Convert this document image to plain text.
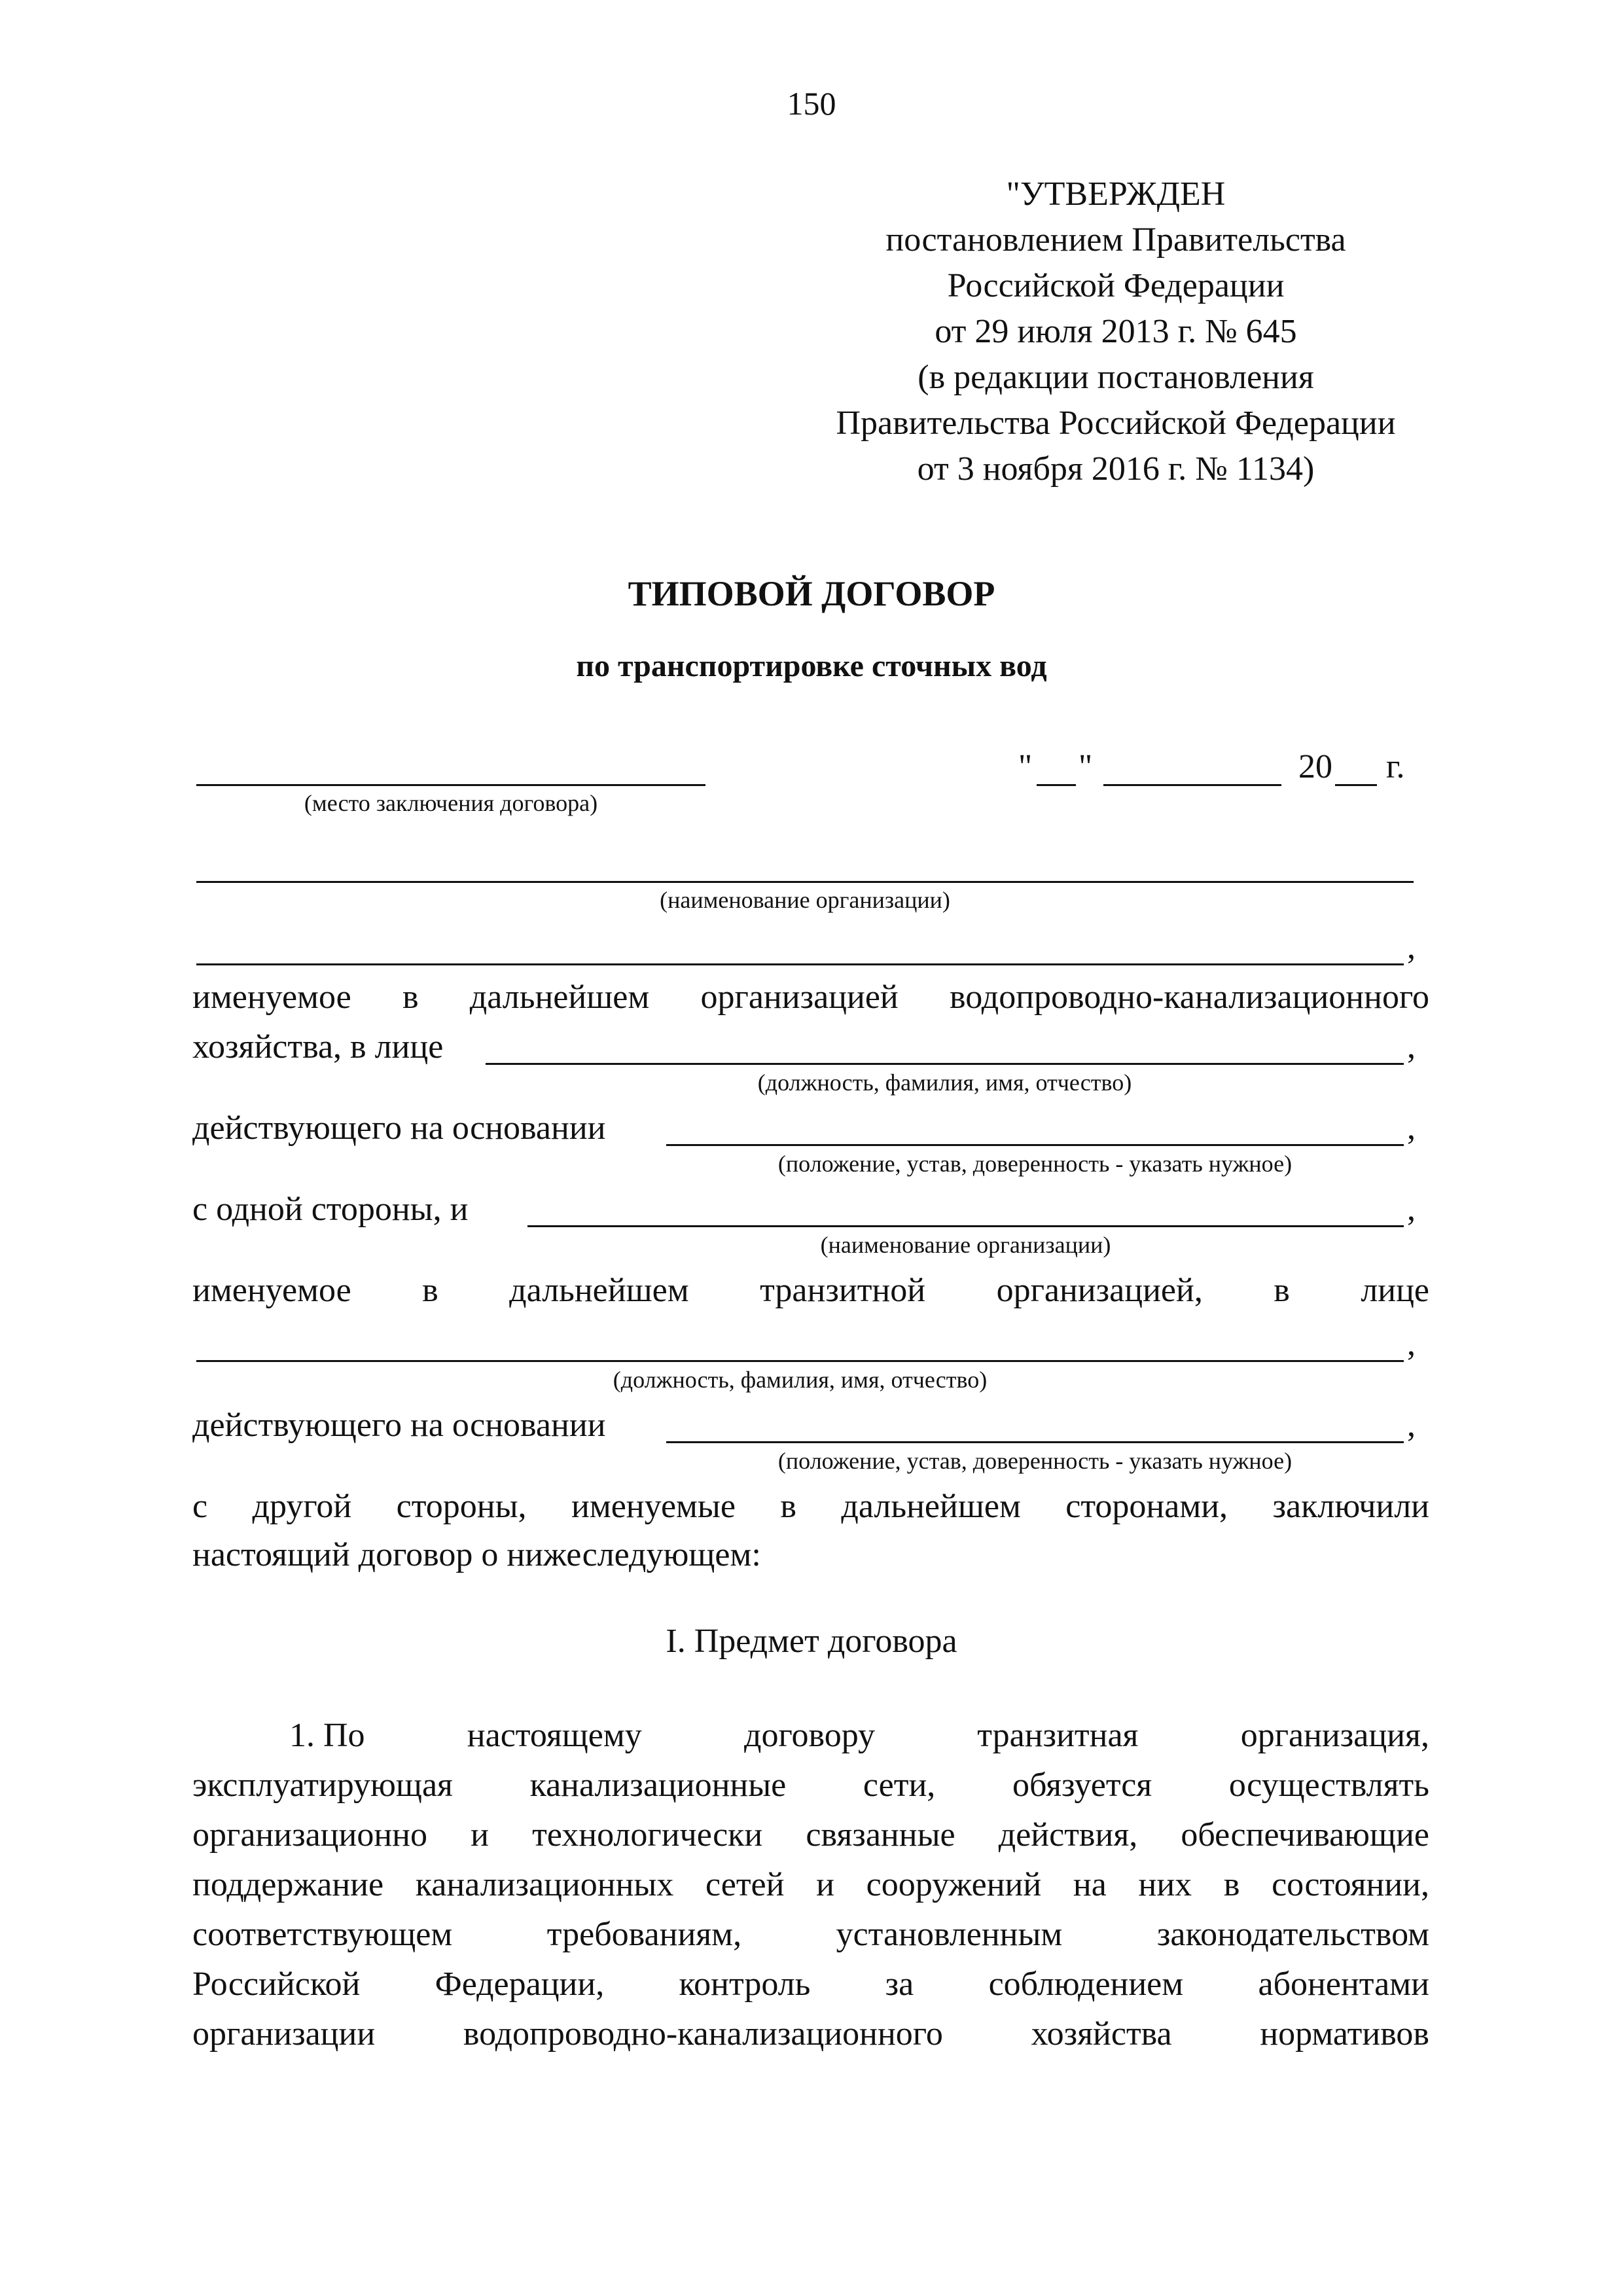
150
"УТВЕРЖДЕН
постановлением Правительства
Российской Федерации
от 29 июля 2013 г. № 645
(в редакции постановления
Правительства Российской Федерации
от 3 ноября 2016 г. № 1134)
ТИПОВОЙ ДОГОВОР
по транспортировке сточных вод
(место заключения договора)
" "	20 г.
(наименование организации)
,
именуемое в дальнейшем организацией водопроводно-канализационного
хозяйства, в лице	,
(должность, фамилия, имя, отчество)
действующего на основании	,
(положение, устав, доверенность - указать нужное)
с одной стороны, и	,
(наименование организации)
именуемое в дальнейшем транзитной организацией, в лице
,
(должность, фамилия, имя, отчество)
действующего на основании	,
(положение, устав, доверенность - указать нужное)
с другой стороны, именуемые в дальнейшем сторонами, заключили
настоящий договор о нижеследующем:
I. Предмет договора
1. По	настоящему	договору	транзитная	организация,
эксплуатирующая канализационные сети, обязуется осуществлять
организационно и технологически связанные действия, обеспечивающие
поддержание канализационных сетей и сооружений на них в состоянии,
соответствующем	требованиям,	установленным	законодательством
Российской Федерации, контроль за соблюдением абонентами
организации	водопроводно-канализационного	хозяйства	нормативов
